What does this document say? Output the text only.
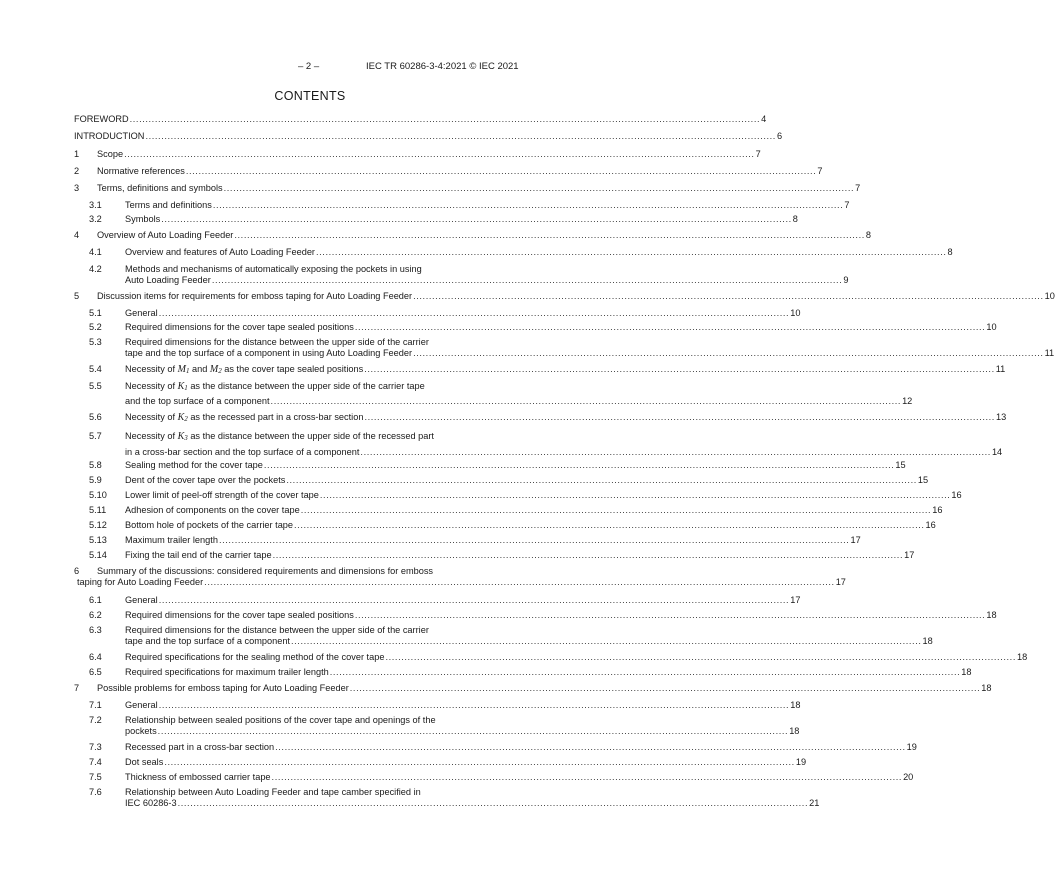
– 2 –	IEC TR 60286-3-4:2021 © IEC 2021
CONTENTS
FOREWORD ........................................................................................................................................................................................................ 4
INTRODUCTION ........................................................................................................................................................................................................ 6
1 Scope ........................................................................................................................................................................................................ 7
2 Normative references ........................................................................................................................................................................................................ 7
3 Terms, definitions and symbols ........................................................................................................................................................................................................ 7
3.1	Terms and definitions ........................................................................................................................................................................................................ 7
3.2	Symbols ........................................................................................................................................................................................................ 8
4 Overview of Auto Loading Feeder ........................................................................................................................................................................................................ 8
4.1	Overview and features of Auto Loading Feeder ........................................................................................................................................................................................................ 8
4.2	Methods and mechanisms of automatically exposing the pockets in using
Auto Loading Feeder ........................................................................................................................................................................................................ 9
5 Discussion items for requirements for emboss taping for Auto Loading Feeder ........................................................................................................................................................................................................ 10
5.1	General ........................................................................................................................................................................................................ 10
5.2	Required dimensions for the cover tape sealed positions ........................................................................................................................................................................................................ 10
5.3	Required dimensions for the distance between the upper side of the carrier
tape and the top surface of a component in using Auto Loading Feeder ........................................................................................................................................................................................................ 11
5.4	Necessity of $M_1$ and $M_2$ as the cover tape sealed positions ........................................................................................................................................................................................................ 11
5.5	Necessity of $K_1$ as the distance between the upper side of the carrier tape
and the top surface of a component ........................................................................................................................................................................................................ 12
5.6	Necessity of $K_2$ as the recessed part in a cross-bar section ........................................................................................................................................................................................................ 13
5.7	Necessity of $K_3$ as the distance between the upper side of the recessed part
in a cross-bar section and the top surface of a component ........................................................................................................................................................................................................ 14
5.8	Sealing method for the cover tape ........................................................................................................................................................................................................ 15
5.9	Dent of the cover tape over the pockets ........................................................................................................................................................................................................ 15
5.10 Lower limit of peel-off strength of the cover tape ........................................................................................................................................................................................................ 16
5.11 Adhesion of components on the cover tape ........................................................................................................................................................................................................ 16
5.12 Bottom hole of pockets of the carrier tape ........................................................................................................................................................................................................ 16
5.13 Maximum trailer length ........................................................................................................................................................................................................ 17
5.14 Fixing the tail end of the carrier tape ........................................................................................................................................................................................................ 17
6 Summary of the discussions: considered requirements and dimensions for emboss
taping for Auto Loading Feeder ........................................................................................................................................................................................................ 17
6.1	General ........................................................................................................................................................................................................ 17
6.2	Required dimensions for the cover tape sealed positions ........................................................................................................................................................................................................ 18
6.3	Required dimensions for the distance between the upper side of the carrier
tape and the top surface of a component ........................................................................................................................................................................................................ 18
6.4	Required specifications for the sealing method of the cover tape ........................................................................................................................................................................................................ 18
6.5	Required specifications for maximum trailer length ........................................................................................................................................................................................................ 18
7 Possible problems for emboss taping for Auto Loading Feeder ........................................................................................................................................................................................................ 18
7.1	General ........................................................................................................................................................................................................ 18
7.2	Relationship between sealed positions of the cover tape and openings of the
pockets ........................................................................................................................................................................................................ 18
7.3	Recessed part in a cross-bar section ........................................................................................................................................................................................................ 19
7.4	Dot seals ........................................................................................................................................................................................................ 19
7.5	Thickness of embossed carrier tape ........................................................................................................................................................................................................ 20
7.6	Relationship between Auto Loading Feeder and tape camber specified in
IEC 60286-3 ........................................................................................................................................................................................................ 21
